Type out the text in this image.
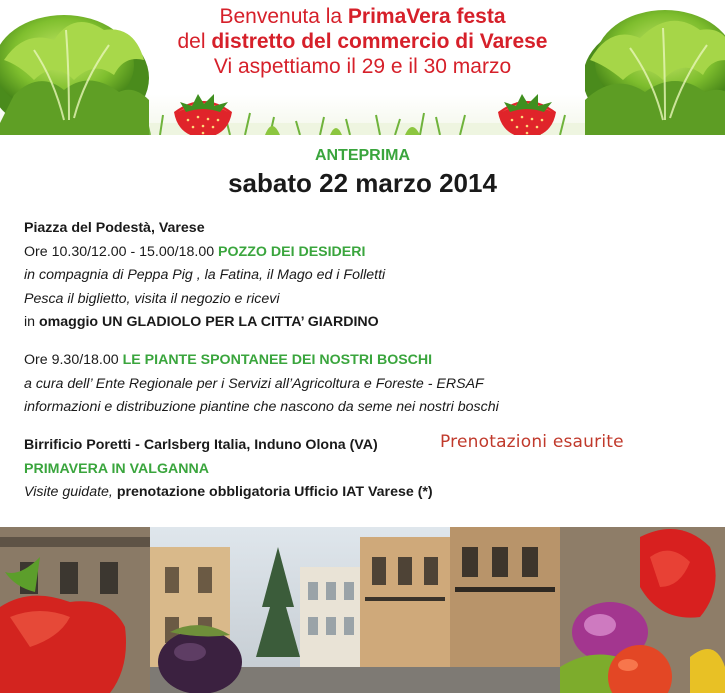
Benvenuta la PrimaVera festa
del distretto del commercio di Varese
Vi aspettiamo il 29 e il 30 marzo
ANTEPRIMA
sabato 22 marzo 2014
Piazza del Podestà, Varese
Ore 10.30/12.00 - 15.00/18.00 POZZO DEI DESIDERI
in compagnia di Peppa Pig , la Fatina, il Mago ed i Folletti
Pesca il biglietto, visita il negozio e ricevi
in omaggio UN GLADIOLO PER LA CITTA’ GIARDINO
Ore 9.30/18.00 LE PIANTE SPONTANEE DEI NOSTRI BOSCHI
a cura dell’ Ente Regionale per i Servizi all’Agricoltura e Foreste - ERSAF
informazioni e distribuzione piantine che nascono da seme nei nostri boschi
Birrificio Poretti - Carlsberg Italia, Induno Olona (VA)
PRIMAVERA IN VALGANNA
Visite guidate, prenotazione obbligatoria Ufficio IAT Varese (*)
Prenotazioni esaurite
